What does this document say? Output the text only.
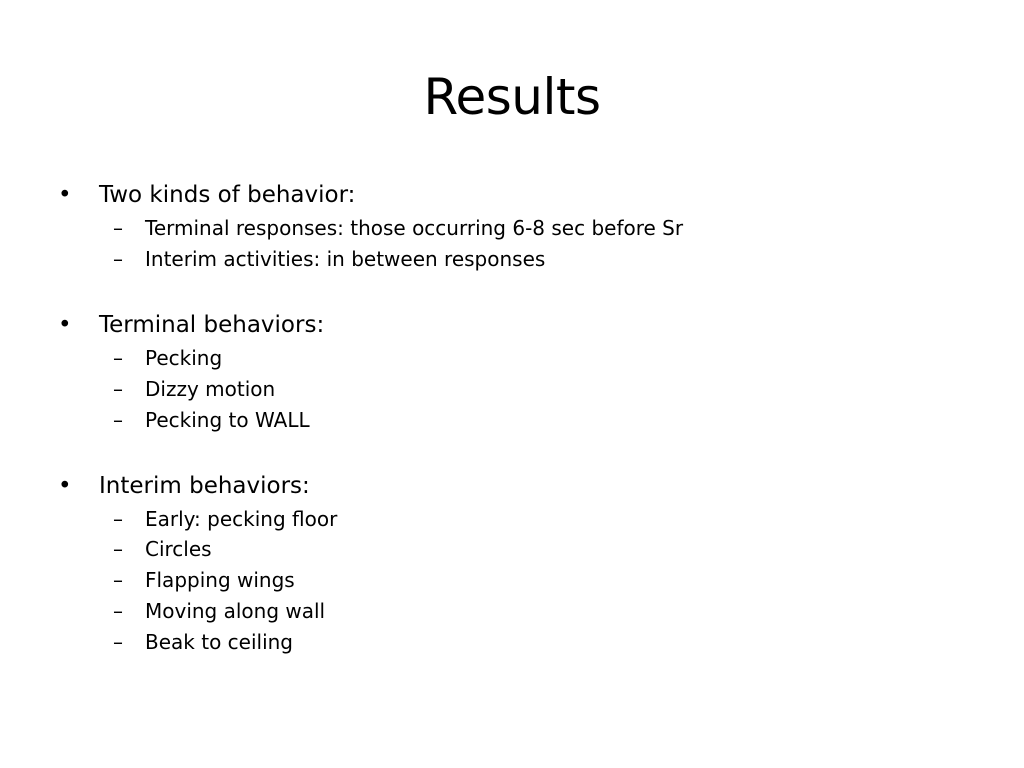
Results
• Two kinds of behavior:
–	Terminal responses: those occurring 6-8 sec before Sr
–	Interim activities: in between responses
• Terminal behaviors:
–	Pecking
–	Dizzy motion
–	Pecking to WALL
• Interim behaviors:
–	Early: pecking floor
–	Circles
–	Flapping wings
–	Moving along wall
–	Beak to ceiling
